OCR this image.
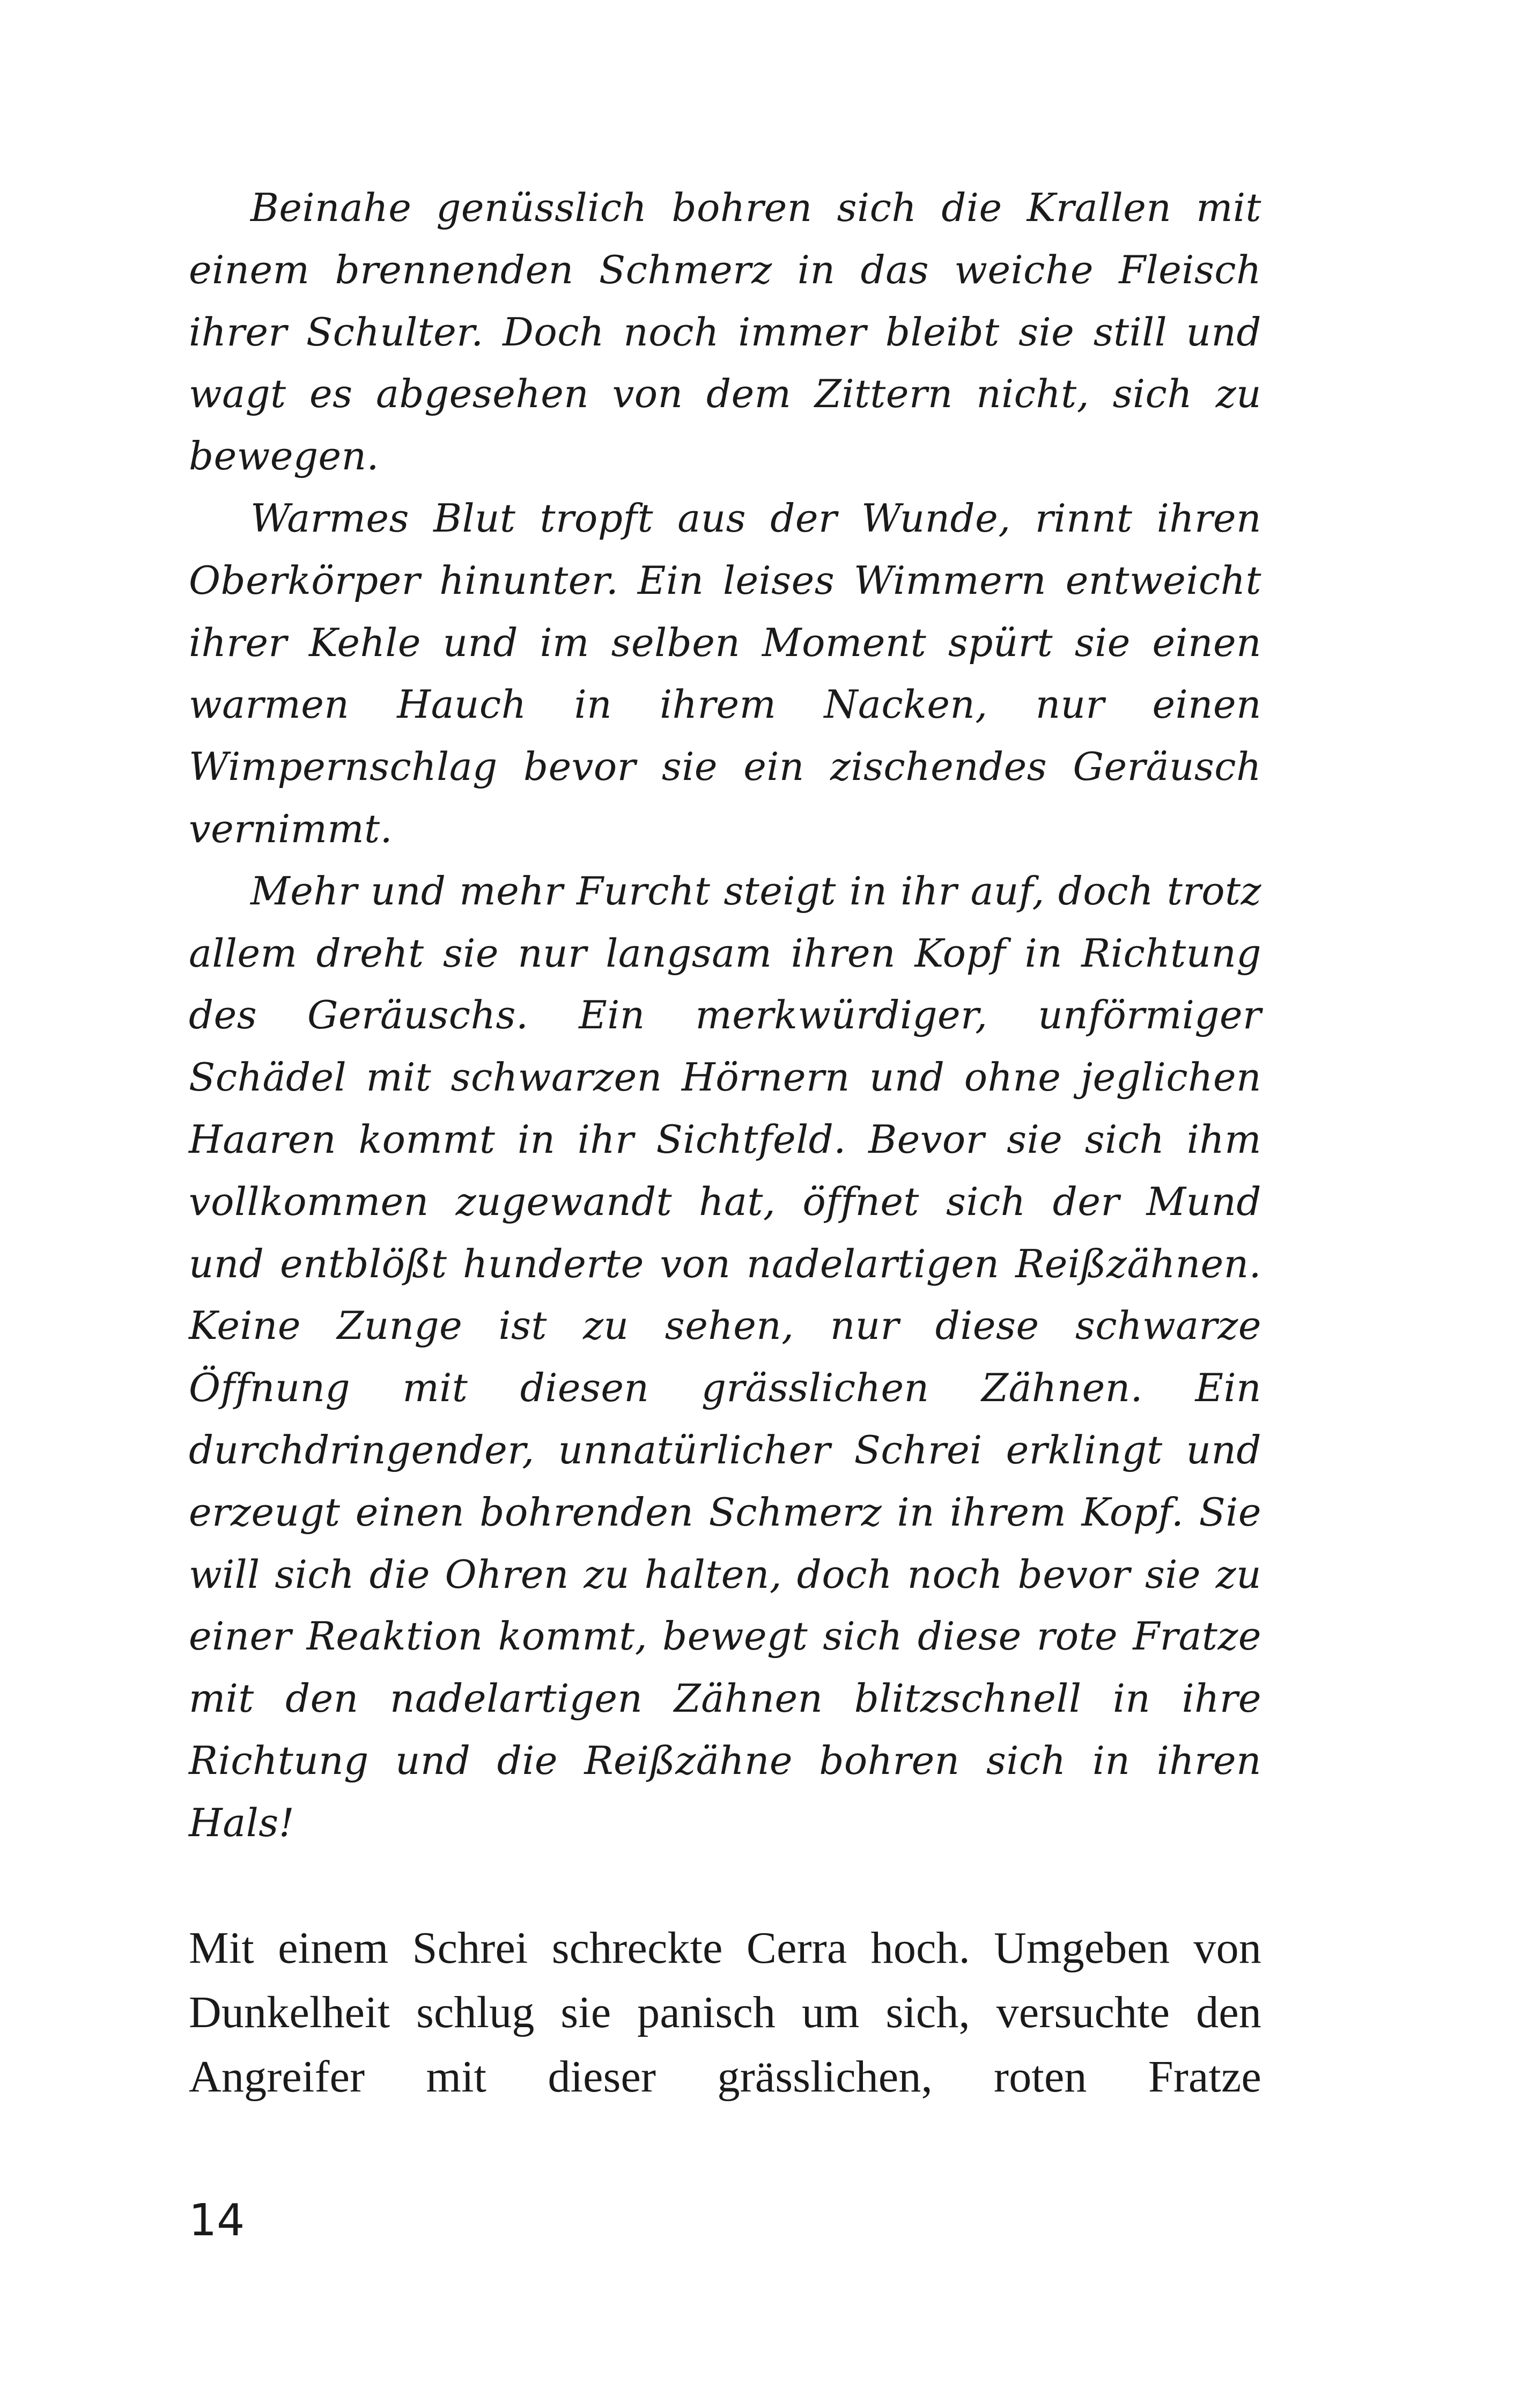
Beinahe genüsslich bohren sich die Krallen mit einem brennenden Schmerz in das weiche Fleisch ihrer Schulter. Doch noch immer bleibt sie still und wagt es abgesehen von dem Zittern nicht, sich zu bewegen.

Warmes Blut tropft aus der Wunde, rinnt ihren Oberkörper hinunter. Ein leises Wimmern entweicht ihrer Kehle und im selben Moment spürt sie einen warmen Hauch in ihrem Nacken, nur einen Wimpernschlag bevor sie ein zischendes Geräusch vernimmt.

Mehr und mehr Furcht steigt in ihr auf, doch trotz allem dreht sie nur langsam ihren Kopf in Richtung des Geräuschs. Ein merkwürdiger, unförmiger Schädel mit schwarzen Hörnern und ohne jeglichen Haaren kommt in ihr Sichtfeld. Bevor sie sich ihm vollkommen zugewandt hat, öffnet sich der Mund und entblößt hunderte von nadelartigen Reißzähnen. Keine Zunge ist zu sehen, nur diese schwarze Öffnung mit diesen grässlichen Zähnen. Ein durchdringender, unnatürlicher Schrei erklingt und erzeugt einen bohrenden Schmerz in ihrem Kopf. Sie will sich die Ohren zu halten, doch noch bevor sie zu einer Reaktion kommt, bewegt sich diese rote Fratze mit den nadelartigen Zähnen blitzschnell in ihre Richtung und die Reißzähne bohren sich in ihren Hals!

Mit einem Schrei schreckte Cerra hoch. Umgeben von Dunkelheit schlug sie panisch um sich, versuchte den Angreifer mit dieser grässlichen, roten Fratze

14
